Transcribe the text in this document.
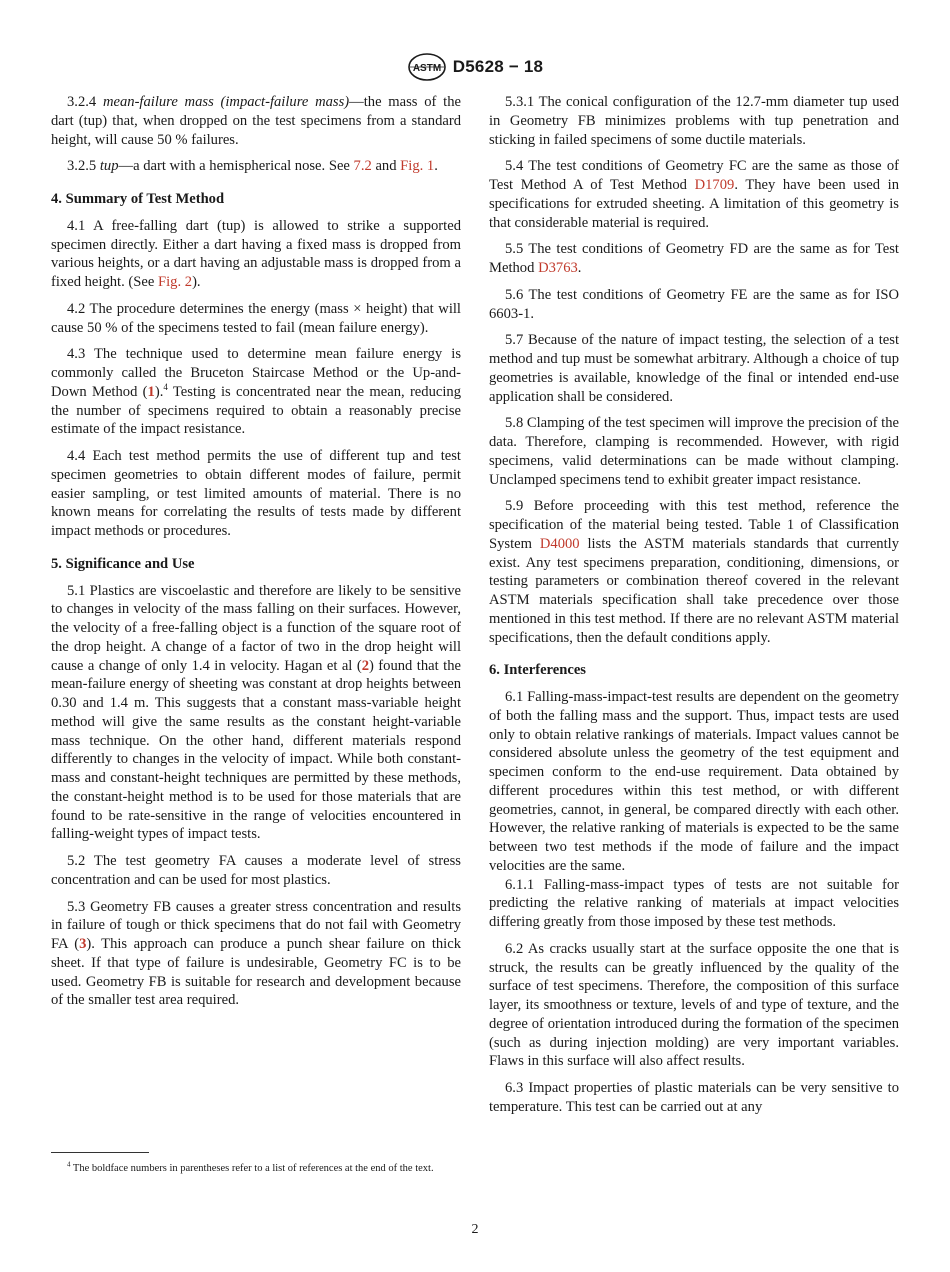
ASTM D5628 − 18

3.2.4 mean-failure mass (impact-failure mass)—the mass of the dart (tup) that, when dropped on the test specimens from a standard height, will cause 50 % failures.

3.2.5 tup—a dart with a hemispherical nose. See 7.2 and Fig. 1.

4. Summary of Test Method

4.1 A free-falling dart (tup) is allowed to strike a supported specimen directly. Either a dart having a fixed mass is dropped from various heights, or a dart having an adjustable mass is dropped from a fixed height. (See Fig. 2).

4.2 The procedure determines the energy (mass × height) that will cause 50 % of the specimens tested to fail (mean failure energy).

4.3 The technique used to determine mean failure energy is commonly called the Bruceton Staircase Method or the Up-and-Down Method (1).$^4$ Testing is concentrated near the mean, reducing the number of specimens required to obtain a reasonably precise estimate of the impact resistance.

4.4 Each test method permits the use of different tup and test specimen geometries to obtain different modes of failure, permit easier sampling, or test limited amounts of material. There is no known means for correlating the results of tests made by different impact methods or procedures.

5. Significance and Use

5.1 Plastics are viscoelastic and therefore are likely to be sensitive to changes in velocity of the mass falling on their surfaces. However, the velocity of a free-falling object is a function of the square root of the drop height. A change of a factor of two in the drop height will cause a change of only 1.4 in velocity. Hagan et al (2) found that the mean-failure energy of sheeting was constant at drop heights between 0.30 and 1.4 m. This suggests that a constant mass-variable height method will give the same results as the constant height-variable mass technique. On the other hand, different materials respond differently to changes in the velocity of impact. While both constant-mass and constant-height techniques are permitted by these methods, the constant-height method is to be used for those materials that are found to be rate-sensitive in the range of velocities encountered in falling-weight types of impact tests.

5.2 The test geometry FA causes a moderate level of stress concentration and can be used for most plastics.

5.3 Geometry FB causes a greater stress concentration and results in failure of tough or thick specimens that do not fail with Geometry FA (3). This approach can produce a punch shear failure on thick sheet. If that type of failure is undesirable, Geometry FC is to be used. Geometry FB is suitable for research and development because of the smaller test area required.

5.3.1 The conical configuration of the 12.7-mm diameter tup used in Geometry FB minimizes problems with tup penetration and sticking in failed specimens of some ductile materials.

5.4 The test conditions of Geometry FC are the same as those of Test Method A of Test Method D1709. They have been used in specifications for extruded sheeting. A limitation of this geometry is that considerable material is required.

5.5 The test conditions of Geometry FD are the same as for Test Method D3763.

5.6 The test conditions of Geometry FE are the same as for ISO 6603-1.

5.7 Because of the nature of impact testing, the selection of a test method and tup must be somewhat arbitrary. Although a choice of tup geometries is available, knowledge of the final or intended end-use application shall be considered.

5.8 Clamping of the test specimen will improve the precision of the data. Therefore, clamping is recommended. However, with rigid specimens, valid determinations can be made without clamping. Unclamped specimens tend to exhibit greater impact resistance.

5.9 Before proceeding with this test method, reference the specification of the material being tested. Table 1 of Classification System D4000 lists the ASTM materials standards that currently exist. Any test specimens preparation, conditioning, dimensions, or testing parameters or combination thereof covered in the relevant ASTM materials specification shall take precedence over those mentioned in this test method. If there are no relevant ASTM material specifications, then the default conditions apply.

6. Interferences

6.1 Falling-mass-impact-test results are dependent on the geometry of both the falling mass and the support. Thus, impact tests are used only to obtain relative rankings of materials. Impact values cannot be considered absolute unless the geometry of the test equipment and specimen conform to the end-use requirement. Data obtained by different procedures within this test method, or with different geometries, cannot, in general, be compared directly with each other. However, the relative ranking of materials is expected to be the same between two test methods if the mode of failure and the impact velocities are the same.

6.1.1 Falling-mass-impact types of tests are not suitable for predicting the relative ranking of materials at impact velocities differing greatly from those imposed by these test methods.

6.2 As cracks usually start at the surface opposite the one that is struck, the results can be greatly influenced by the quality of the surface of test specimens. Therefore, the composition of this surface layer, its smoothness or texture, levels of and type of texture, and the degree of orientation introduced during the formation of the specimen (such as during injection molding) are very important variables. Flaws in this surface will also affect results.

6.3 Impact properties of plastic materials can be very sensitive to temperature. This test can be carried out at any

$^4$ The boldface numbers in parentheses refer to a list of references at the end of the text.
2
